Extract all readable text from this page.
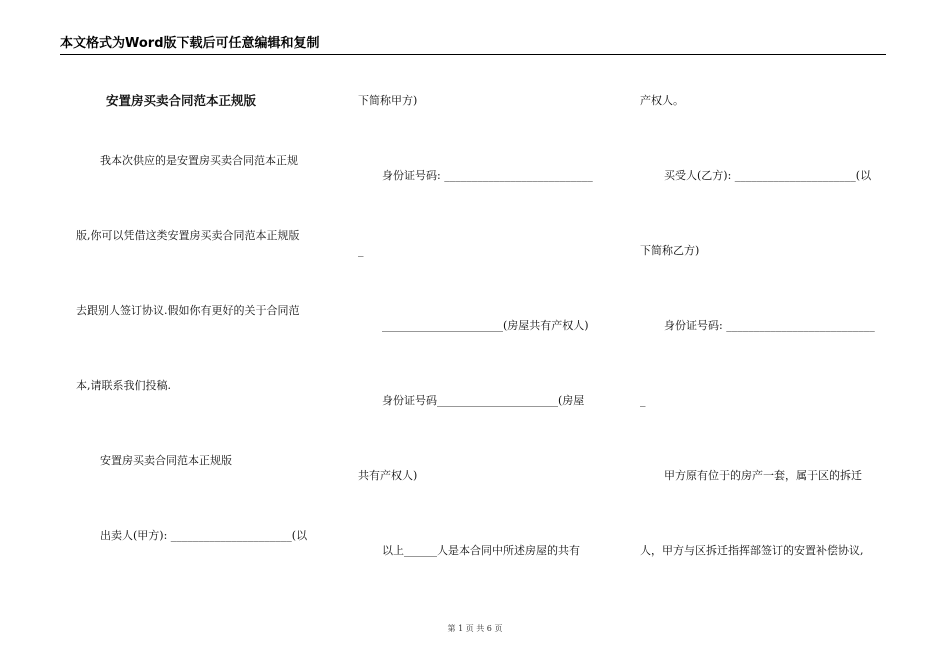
本文格式为Word版下载后可任意编辑和复制
安置房买卖合同范本正规版
我本次供应的是安置房买卖合同范本正规
版,你可以凭借这类安置房买卖合同范本正规版
去跟别人签订协议.假如你有更好的关于合同范
本,请联系我们投稿.
安置房买卖合同范本正规版
出卖人(甲方): ______________________(以
下简称甲方)
身份证号码: ___________________________
_
______________________(房屋共有产权人)
身份证号码______________________(房屋
共有产权人)
以上______人是本合同中所述房屋的共有
产权人。
买受人(乙方): ______________________(以
下简称乙方)
身份证号码: ___________________________
_
甲方原有位于的房产一套，属于区的拆迁
人，甲方与区拆迁指挥部签订的安置补偿协议,
第 1 页 共 6 页
